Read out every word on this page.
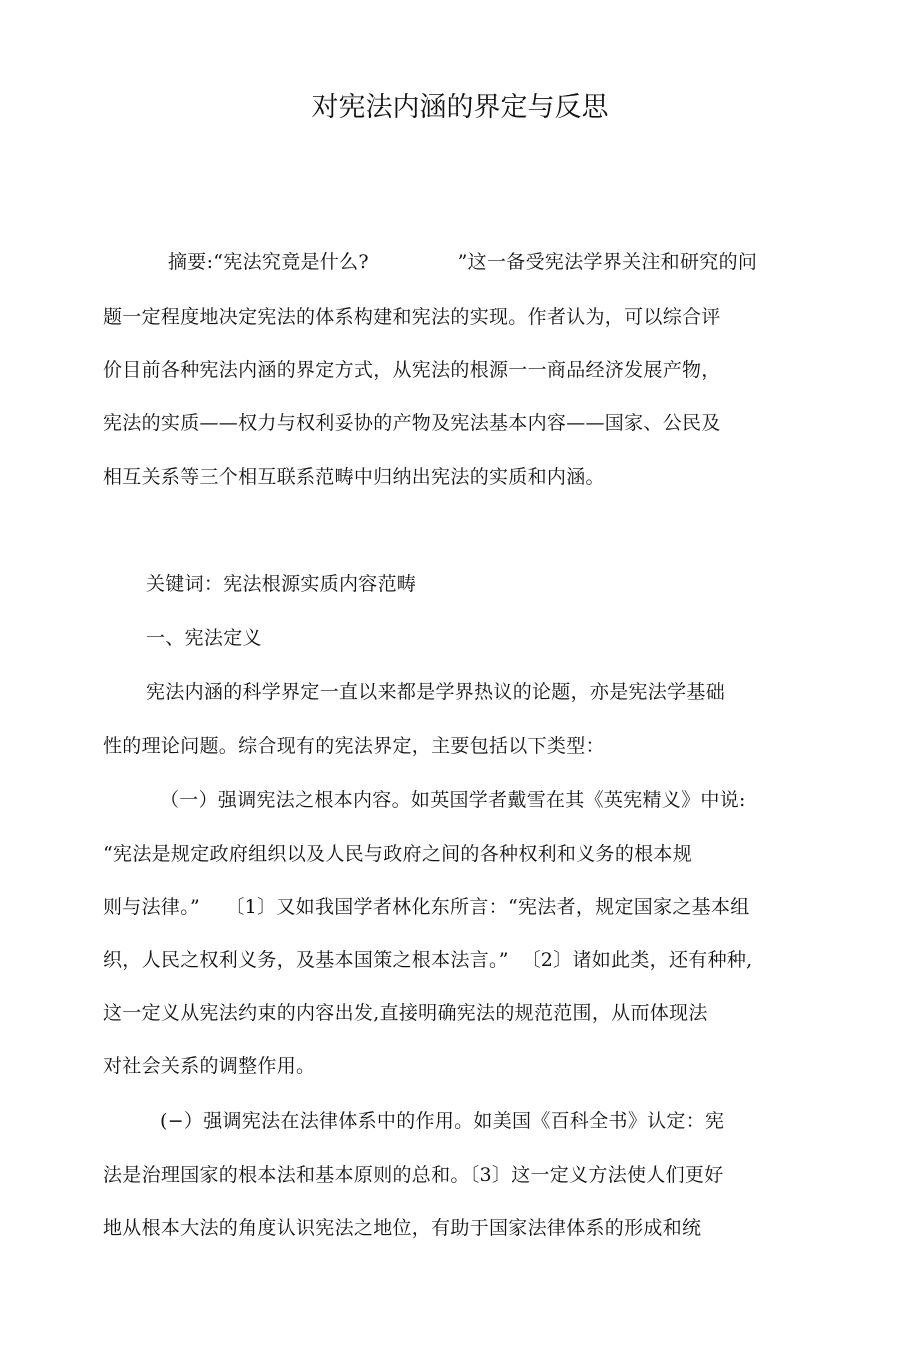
对宪法内涵的界定与反思
摘要:“宪法究竟是什么?              ”这一备受宪法学界关注和研究的问
题一定程度地决定宪法的体系构建和宪法的实现。作者认为，可以综合评
价目前各种宪法内涵的界定方式，从宪法的根源一一商品经济发展产物，
宪法的实质——权力与权利妥协的产物及宪法基本内容——国家、公民及
相互关系等三个相互联系范畴中归纳出宪法的实质和内涵。
关键词：宪法根源实质内容范畴
一、宪法定义
宪法内涵的科学界定一直以来都是学界热议的论题，亦是宪法学基础
性的理论问题。综合现有的宪法界定，主要包括以下类型：
（一）强调宪法之根本内容。如英国学者戴雪在其《英宪精义》中说:
“宪法是规定政府组织以及人民与政府之间的各种权利和义务的根本规
则与法律。”    〔1〕又如我国学者林化东所言：“宪法者，规定国家之基本组
织，人民之权利义务，及基本国策之根本法言。”  〔2〕诸如此类，还有种种,
这一定义从宪法约束的内容出发,直接明确宪法的规范范围，从而体现法
对社会关系的调整作用。
(−）强调宪法在法律体系中的作用。如美国《百科全书》认定：宪
法是治理国家的根本法和基本原则的总和。〔3〕这一定义方法使人们更好
地从根本大法的角度认识宪法之地位，有助于国家法律体系的形成和统
